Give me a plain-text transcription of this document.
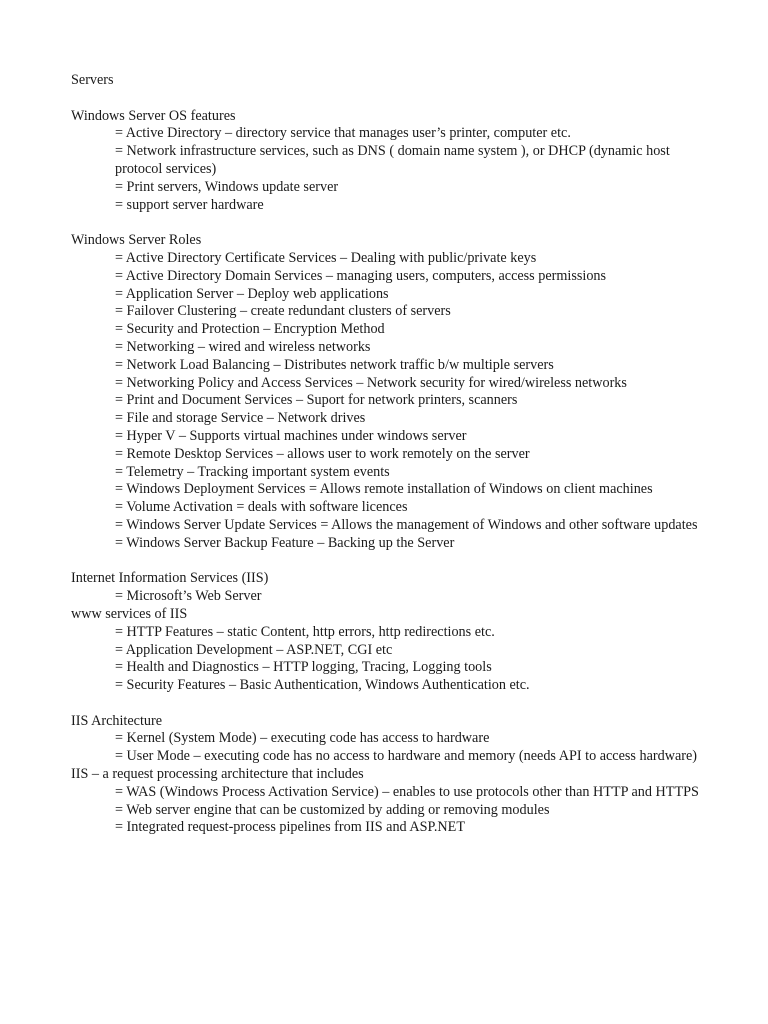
Servers

Windows Server OS features

= Active Directory – directory service that manages user’s printer, computer etc.

= Network infrastructure services, such as DNS ( domain name system ), or DHCP (dynamic host protocol services)

= Print servers, Windows update server

= support server hardware

Windows Server Roles

= Active Directory Certificate Services – Dealing with public/private keys

= Active Directory Domain Services – managing users, computers, access permissions

= Application Server – Deploy web applications

= Failover Clustering – create redundant clusters of servers

= Security and Protection – Encryption Method

= Networking – wired and wireless networks

= Network Load Balancing – Distributes network traffic b/w multiple servers

= Networking Policy and Access Services – Network security for wired/wireless networks

= Print and Document Services – Suport for network printers, scanners

= File and storage Service – Network drives

= Hyper V – Supports virtual machines under windows server

= Remote Desktop Services – allows user to work remotely on the server

= Telemetry – Tracking important system events

= Windows Deployment Services = Allows remote installation of Windows on client machines

= Volume Activation = deals with software licences

= Windows Server Update Services = Allows the management of Windows and other software updates

= Windows Server Backup Feature – Backing up the Server

Internet Information Services (IIS)

= Microsoft’s Web Server

www services of IIS

= HTTP Features – static Content, http errors, http redirections etc.

= Application Development – ASP.NET, CGI etc

= Health and Diagnostics – HTTP logging, Tracing, Logging tools

= Security Features – Basic Authentication, Windows Authentication etc.

IIS Architecture

= Kernel (System Mode) – executing code has access to hardware

= User Mode – executing code has no access to hardware and memory (needs API to access hardware)

IIS – a request processing architecture that includes

= WAS (Windows Process Activation Service) – enables to use protocols other than HTTP and HTTPS

= Web server engine that can be customized by adding or removing modules

= Integrated request-process pipelines from IIS and ASP.NET
